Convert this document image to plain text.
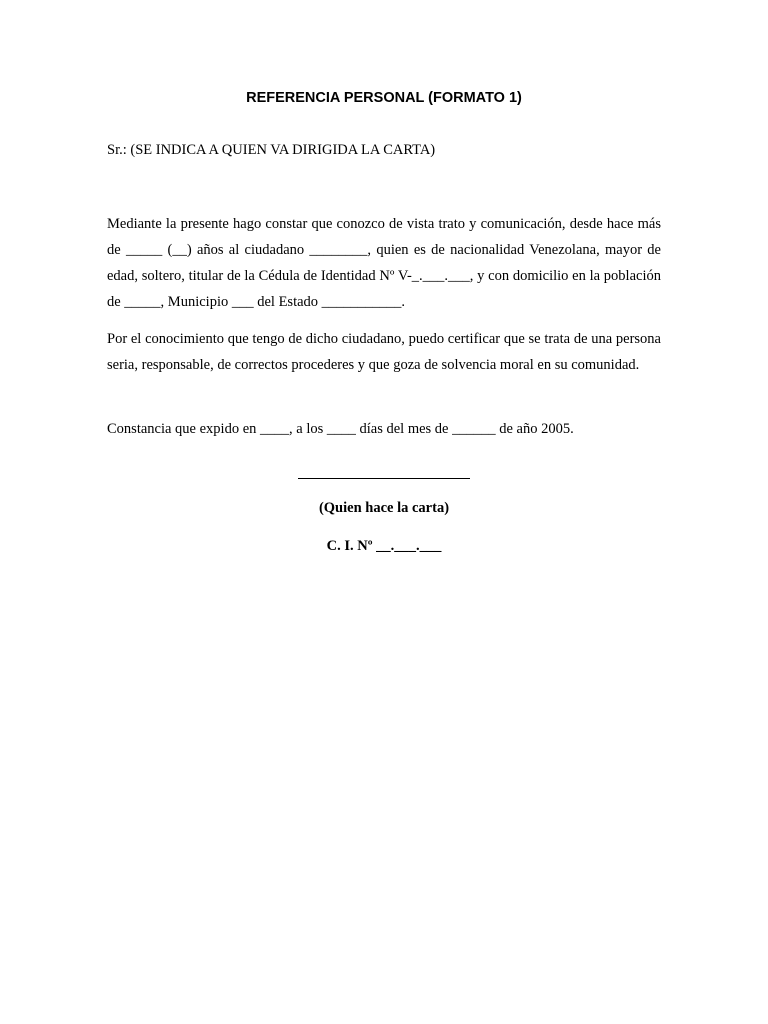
REFERENCIA PERSONAL (FORMATO 1)
Sr.: (SE INDICA A QUIEN VA DIRIGIDA LA CARTA)

Mediante la presente hago constar que conozco de vista trato y comunicación, desde hace más de _____ (__) años al ciudadano ________, quien es de nacionalidad Venezolana, mayor de edad, soltero, titular de la Cédula de Identidad Nº V-_.___.___, y con domicilio en la población de _____, Municipio ___ del Estado ___________.

Por el conocimiento que tengo de dicho ciudadano, puedo certificar que se trata de una persona seria, responsable, de correctos procederes y que goza de solvencia moral en su comunidad.

Constancia que expido en ____, a los ____ días del mes de ______ de año 2005.

(Quien hace la carta)
C. I. Nº __.___.___
